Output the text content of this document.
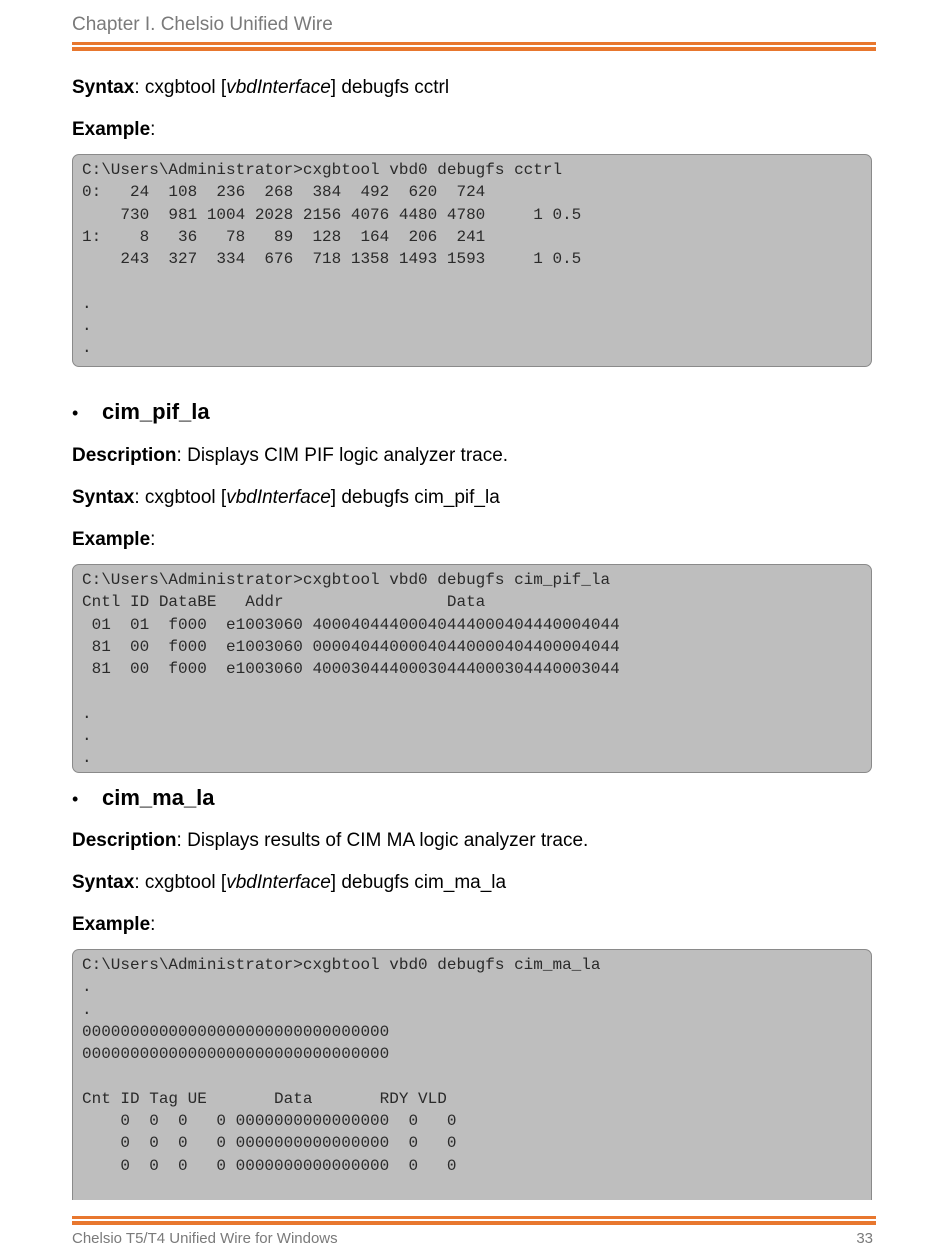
Chapter I. Chelsio Unified Wire
Syntax: cxgbtool [vbdInterface] debugfs cctrl
Example:
C:\Users\Administrator>cxgbtool vbd0 debugfs cctrl
0:   24  108  236  268  384  492  620  724
730  981 1004 2028 2156 4076 4480 4780     1 0.5
1:    8   36   78   89  128  164  206  241
243  327  334  676  718 1358 1493 1593     1 0.5

.
.
.
• cim_pif_la
Description: Displays CIM PIF logic analyzer trace.
Syntax: cxgbtool [vbdInterface] debugfs cim_pif_la
Example:
C:\Users\Administrator>cxgbtool vbd0 debugfs cim_pif_la
Cntl ID DataBE   Addr                 Data
01  01  f000  e1003060 40004044400040444000404440004044
81  00  f000  e1003060 00004044000040440000404400004044
81  00  f000  e1003060 40003044400030444000304440003044

.
.
.
• cim_ma_la
Description: Displays results of CIM MA logic analyzer trace.
Syntax: cxgbtool [vbdInterface] debugfs cim_ma_la
Example:
C:\Users\Administrator>cxgbtool vbd0 debugfs cim_ma_la
.
.
00000000000000000000000000000000
00000000000000000000000000000000

Cnt ID Tag UE       Data       RDY VLD
0  0  0   0 0000000000000000  0   0
0  0  0   0 0000000000000000  0   0
0  0  0   0 0000000000000000  0   0
Chelsio T5/T4 Unified Wire for Windows	33
